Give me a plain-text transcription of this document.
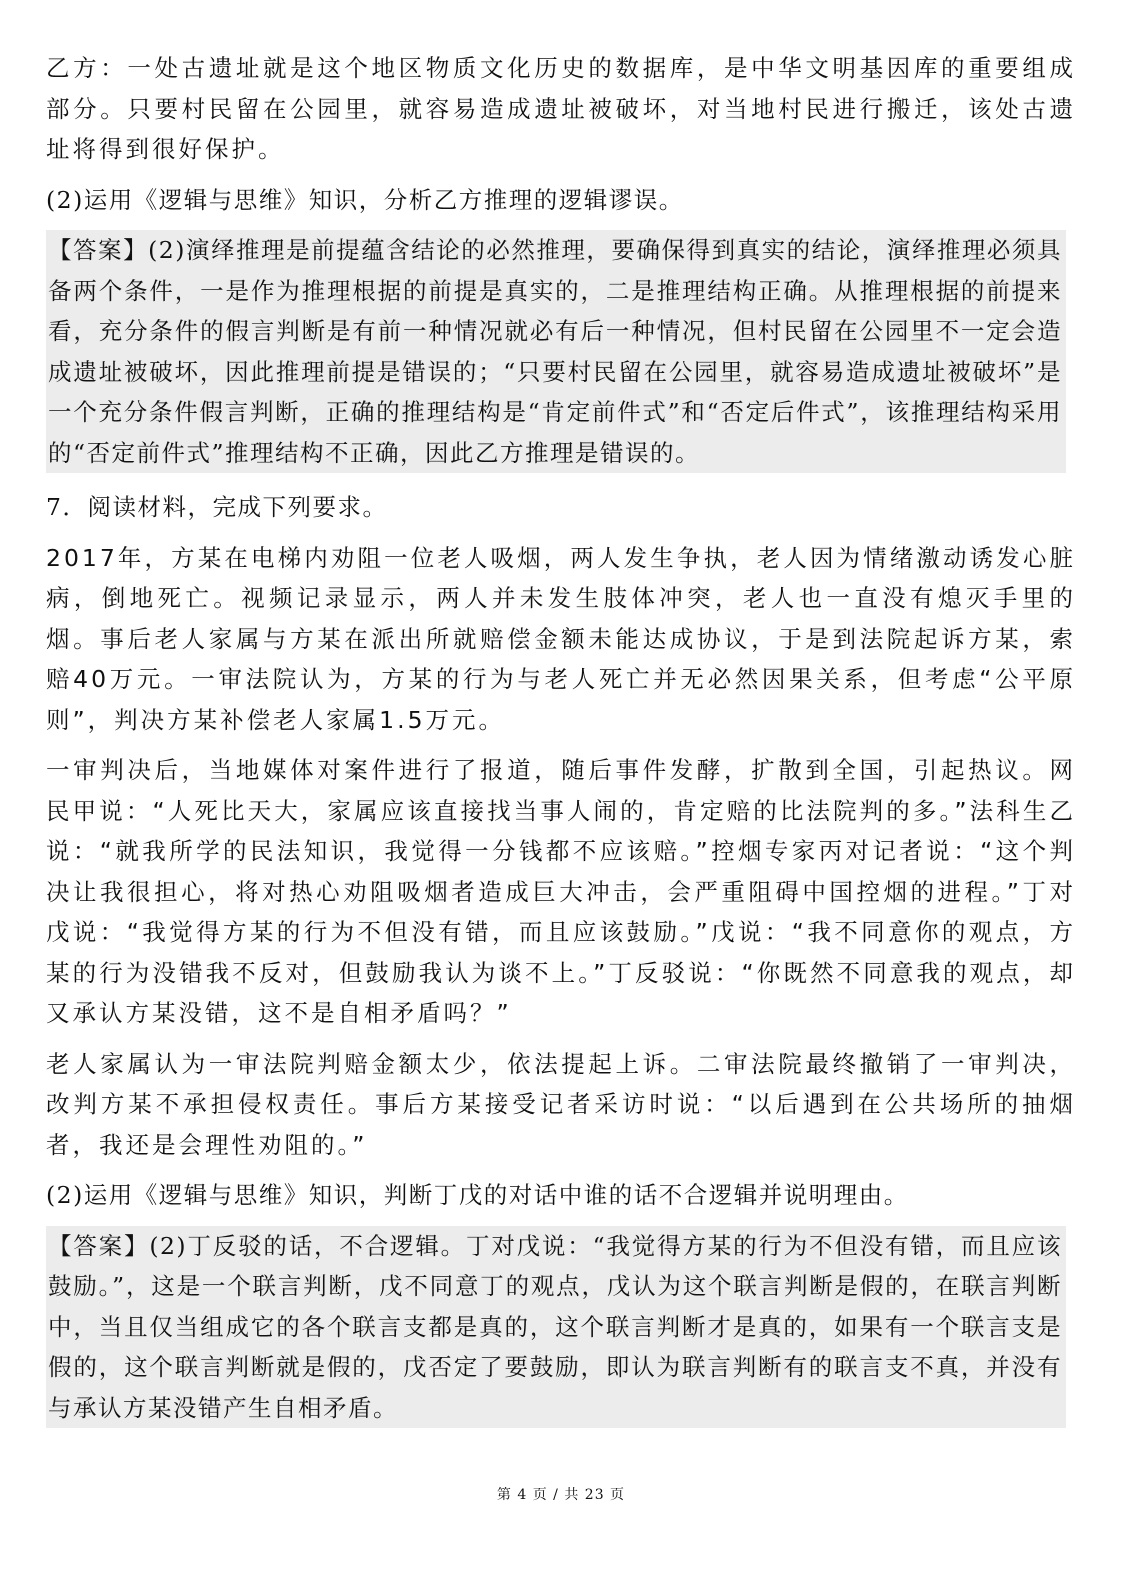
乙方：一处古遗址就是这个地区物质文化历史的数据库，是中华文明基因库的重要组成部分。只要村民留在公园里，就容易造成遗址被破坏，对当地村民进行搬迁，该处古遗址将得到很好保护。

(2)运用《逻辑与思维》知识，分析乙方推理的逻辑谬误。

【答案】(2)演绎推理是前提蕴含结论的必然推理，要确保得到真实的结论，演绎推理必须具备两个条件，一是作为推理根据的前提是真实的，二是推理结构正确。从推理根据的前提来看，充分条件的假言判断是有前一种情况就必有后一种情况，但村民留在公园里不一定会造成遗址被破坏，因此推理前提是错误的；“只要村民留在公园里，就容易造成遗址被破坏”是一个充分条件假言判断，正确的推理结构是“肯定前件式”和“否定后件式”，该推理结构采用的“否定前件式”推理结构不正确，因此乙方推理是错误的。

7．阅读材料，完成下列要求。

2017年，方某在电梯内劝阻一位老人吸烟，两人发生争执，老人因为情绪激动诱发心脏病，倒地死亡。视频记录显示，两人并未发生肢体冲突，老人也一直没有熄灭手里的烟。事后老人家属与方某在派出所就赔偿金额未能达成协议，于是到法院起诉方某，索赔40万元。一审法院认为，方某的行为与老人死亡并无必然因果关系，但考虑“公平原则”，判决方某补偿老人家属1.5万元。

一审判决后，当地媒体对案件进行了报道，随后事件发酵，扩散到全国，引起热议。网民甲说：“人死比天大，家属应该直接找当事人闹的，肯定赔的比法院判的多。”法科生乙说：“就我所学的民法知识，我觉得一分钱都不应该赔。”控烟专家丙对记者说：“这个判决让我很担心，将对热心劝阻吸烟者造成巨大冲击，会严重阻碍中国控烟的进程。”丁对戊说：“我觉得方某的行为不但没有错，而且应该鼓励。”戊说：“我不同意你的观点，方某的行为没错我不反对，但鼓励我认为谈不上。”丁反驳说：“你既然不同意我的观点，却又承认方某没错，这不是自相矛盾吗？”

老人家属认为一审法院判赔金额太少，依法提起上诉。二审法院最终撤销了一审判决，改判方某不承担侵权责任。事后方某接受记者采访时说：“以后遇到在公共场所的抽烟者，我还是会理性劝阻的。”

(2)运用《逻辑与思维》知识，判断丁戊的对话中谁的话不合逻辑并说明理由。

【答案】(2)丁反驳的话，不合逻辑。丁对戊说：“我觉得方某的行为不但没有错，而且应该鼓励。”，这是一个联言判断，戊不同意丁的观点，戊认为这个联言判断是假的，在联言判断中，当且仅当组成它的各个联言支都是真的，这个联言判断才是真的，如果有一个联言支是假的，这个联言判断就是假的，戊否定了要鼓励，即认为联言判断有的联言支不真，并没有与承认方某没错产生自相矛盾。

第 4 页 / 共 23 页
